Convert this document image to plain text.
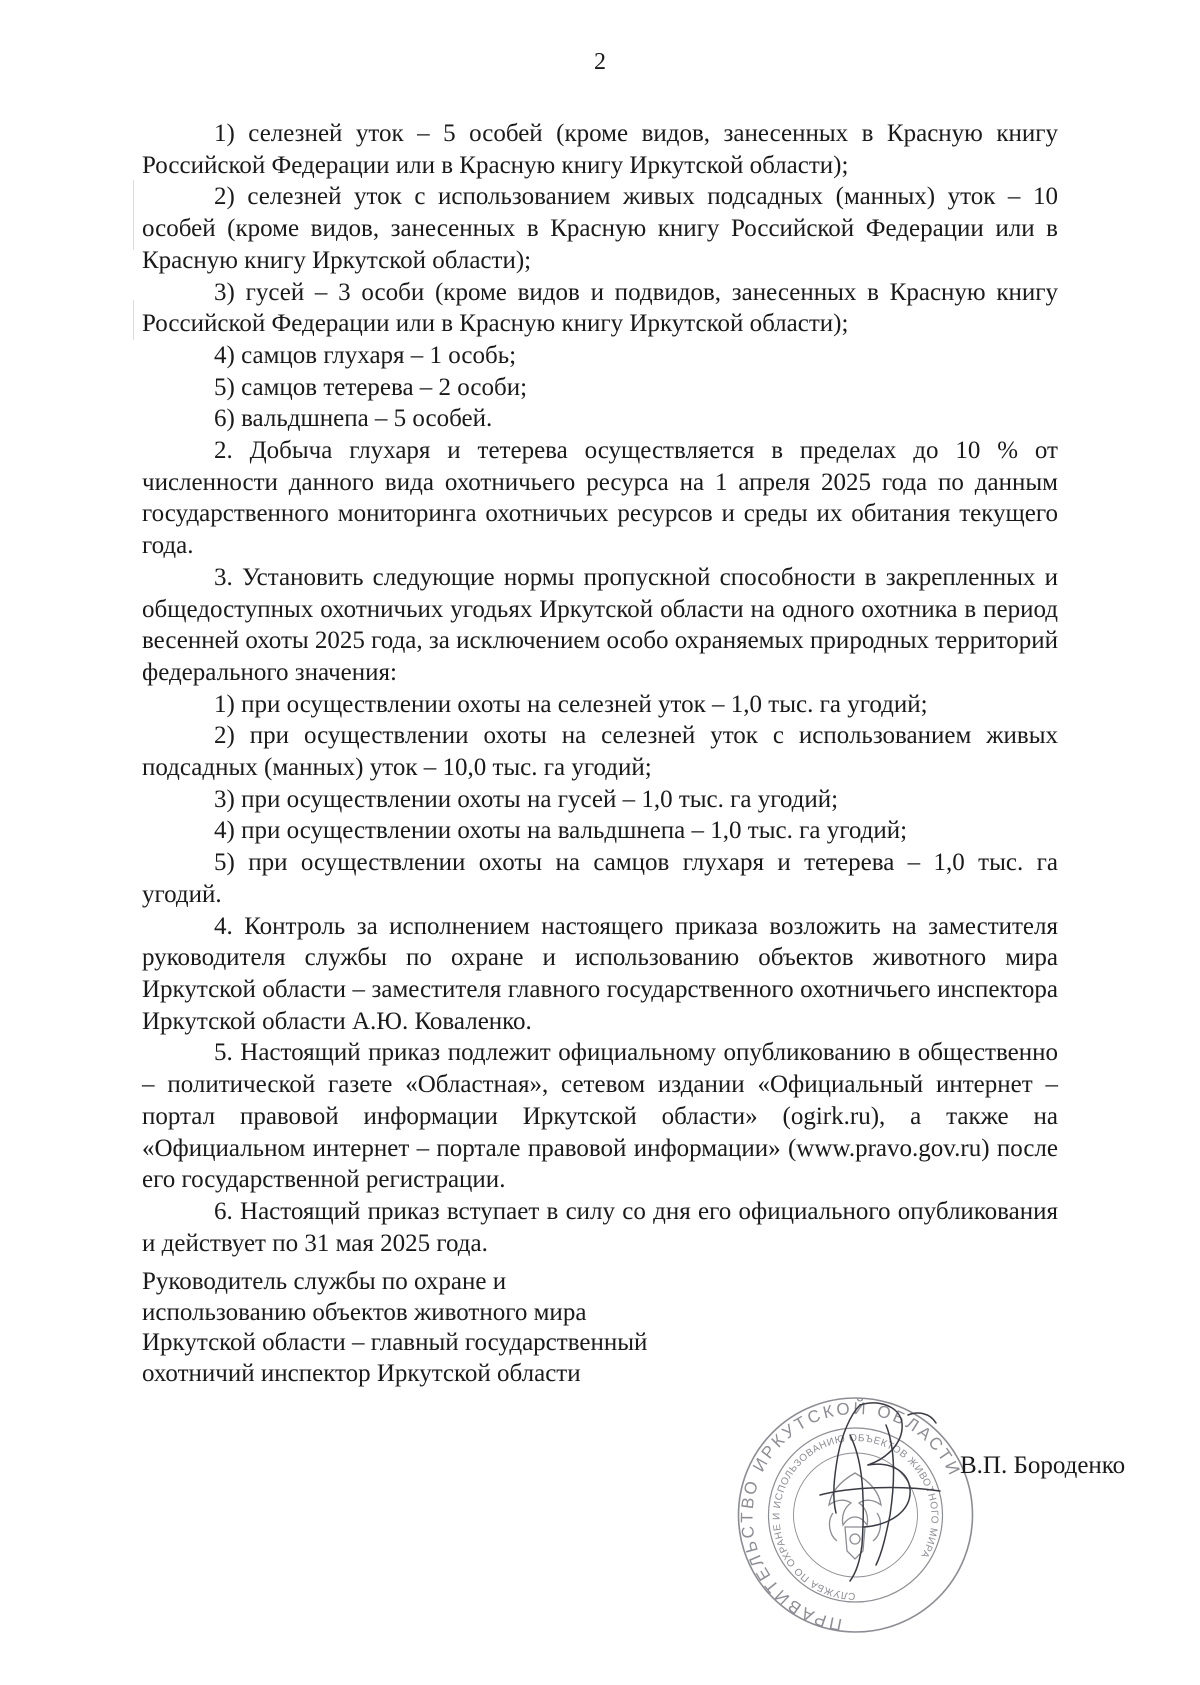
2

1) селезней уток – 5 особей (кроме видов, занесенных в Красную книгу Российской Федерации или в Красную книгу Иркутской области);

2) селезней уток с использованием живых подсадных (манных) уток – 10 особей (кроме видов, занесенных в Красную книгу Российской Федерации или в Красную книгу Иркутской области);

3) гусей – 3 особи (кроме видов и подвидов, занесенных в Красную книгу Российской Федерации или в Красную книгу Иркутской области);

4) самцов глухаря – 1 особь;

5) самцов тетерева – 2 особи;

6) вальдшнепа – 5 особей.

2. Добыча глухаря и тетерева осуществляется в пределах до 10 % от численности данного вида охотничьего ресурса на 1 апреля 2025 года по данным государственного мониторинга охотничьих ресурсов и среды их обитания текущего года.

3. Установить следующие нормы пропускной способности в закрепленных и общедоступных охотничьих угодьях Иркутской области на одного охотника в период весенней охоты 2025 года, за исключением особо охраняемых природных территорий федерального значения:

1) при осуществлении охоты на селезней уток – 1,0 тыс. га угодий;

2) при осуществлении охоты на селезней уток с использованием живых подсадных (манных) уток – 10,0 тыс. га угодий;

3) при осуществлении охоты на гусей – 1,0 тыс. га угодий;

4) при осуществлении охоты на вальдшнепа – 1,0 тыс. га угодий;

5) при осуществлении охоты на самцов глухаря и тетерева – 1,0 тыс. га угодий.

4. Контроль за исполнением настоящего приказа возложить на заместителя руководителя службы по охране и использованию объектов животного мира Иркутской области – заместителя главного государственного охотничьего инспектора Иркутской области А.Ю. Коваленко.

5. Настоящий приказ подлежит официальному опубликованию в общественно – политической газете «Областная», сетевом издании «Официальный интернет – портал правовой информации Иркутской области» (ogirk.ru), а также на «Официальном интернет – портале правовой информации» (www.pravo.gov.ru) после его государственной регистрации.

6. Настоящий приказ вступает в силу со дня его официального опубликования и действует по 31 мая 2025 года.

Руководитель службы по охране и
использованию объектов животного мира
Иркутской области – главный государственный
охотничий инспектор Иркутской области
ПРАВИТЕЛЬСТВО ИРКУТСКОЙ ОБЛАСТИ
СЛУЖБА ПО ОХРАНЕ И ИСПОЛЬЗОВАНИЮ ОБЪЕКТОВ ЖИВОТНОГО МИРА
В.П. Бороденко
